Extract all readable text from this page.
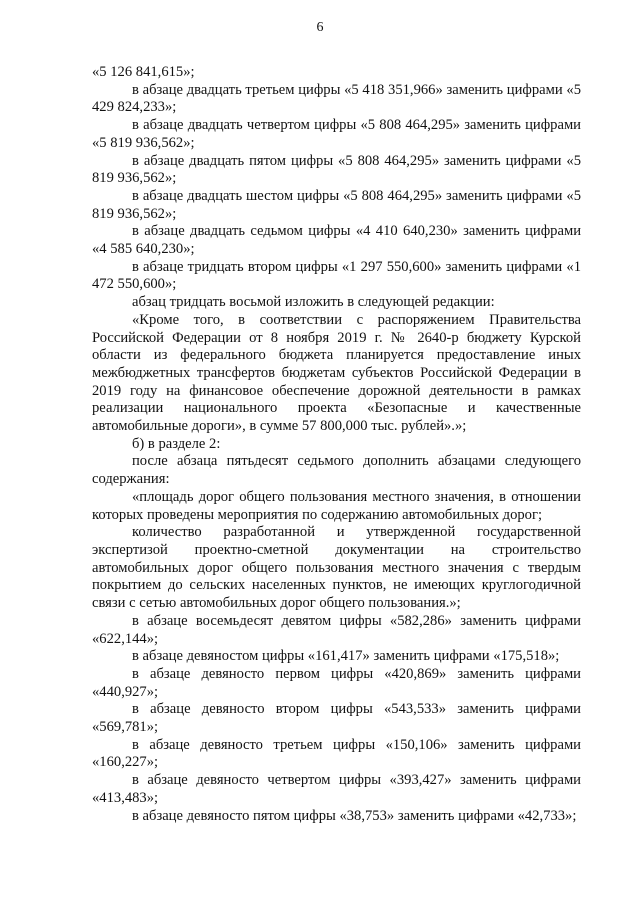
6

«5 126 841,615»;

в абзаце двадцать третьем цифры «5 418 351,966» заменить цифрами «5 429 824,233»;

в абзаце двадцать четвертом цифры «5 808 464,295» заменить цифрами «5 819 936,562»;

в абзаце двадцать пятом цифры «5 808 464,295» заменить цифрами «5 819 936,562»;

в абзаце двадцать шестом цифры «5 808 464,295» заменить цифрами «5 819 936,562»;

в абзаце двадцать седьмом цифры «4 410 640,230» заменить цифрами «4 585 640,230»;

в абзаце тридцать втором цифры «1 297 550,600» заменить цифрами «1 472 550,600»;

абзац тридцать восьмой изложить в следующей редакции:

«Кроме того, в соответствии с распоряжением Правительства Российской Федерации от 8 ноября 2019 г. № 2640-р бюджету Курской области из федерального бюджета планируется предоставление иных межбюджетных трансфертов бюджетам субъектов Российской Федерации в 2019 году на финансовое обеспечение дорожной деятельности в рамках реализации национального проекта «Безопасные и качественные автомобильные дороги», в сумме 57 800,000 тыс. рублей».»;

б) в разделе 2:

после абзаца пятьдесят седьмого дополнить абзацами следующего содержания:

«площадь дорог общего пользования местного значения, в отношении которых проведены мероприятия по содержанию автомобильных дорог;

количество разработанной и утвержденной государственной экспертизой проектно-сметной документации на строительство автомобильных дорог общего пользования местного значения с твердым покрытием до сельских населенных пунктов, не имеющих круглогодичной связи с сетью автомобильных дорог общего пользования.»;

в абзаце восемьдесят девятом цифры «582,286» заменить цифрами «622,144»;

в абзаце девяностом цифры «161,417» заменить цифрами «175,518»;

в абзаце девяносто первом цифры «420,869» заменить цифрами «440,927»;

в абзаце девяносто втором цифры «543,533» заменить цифрами «569,781»;

в абзаце девяносто третьем цифры «150,106» заменить цифрами «160,227»;

в абзаце девяносто четвертом цифры «393,427» заменить цифрами «413,483»;

в абзаце девяносто пятом цифры «38,753» заменить цифрами «42,733»;
